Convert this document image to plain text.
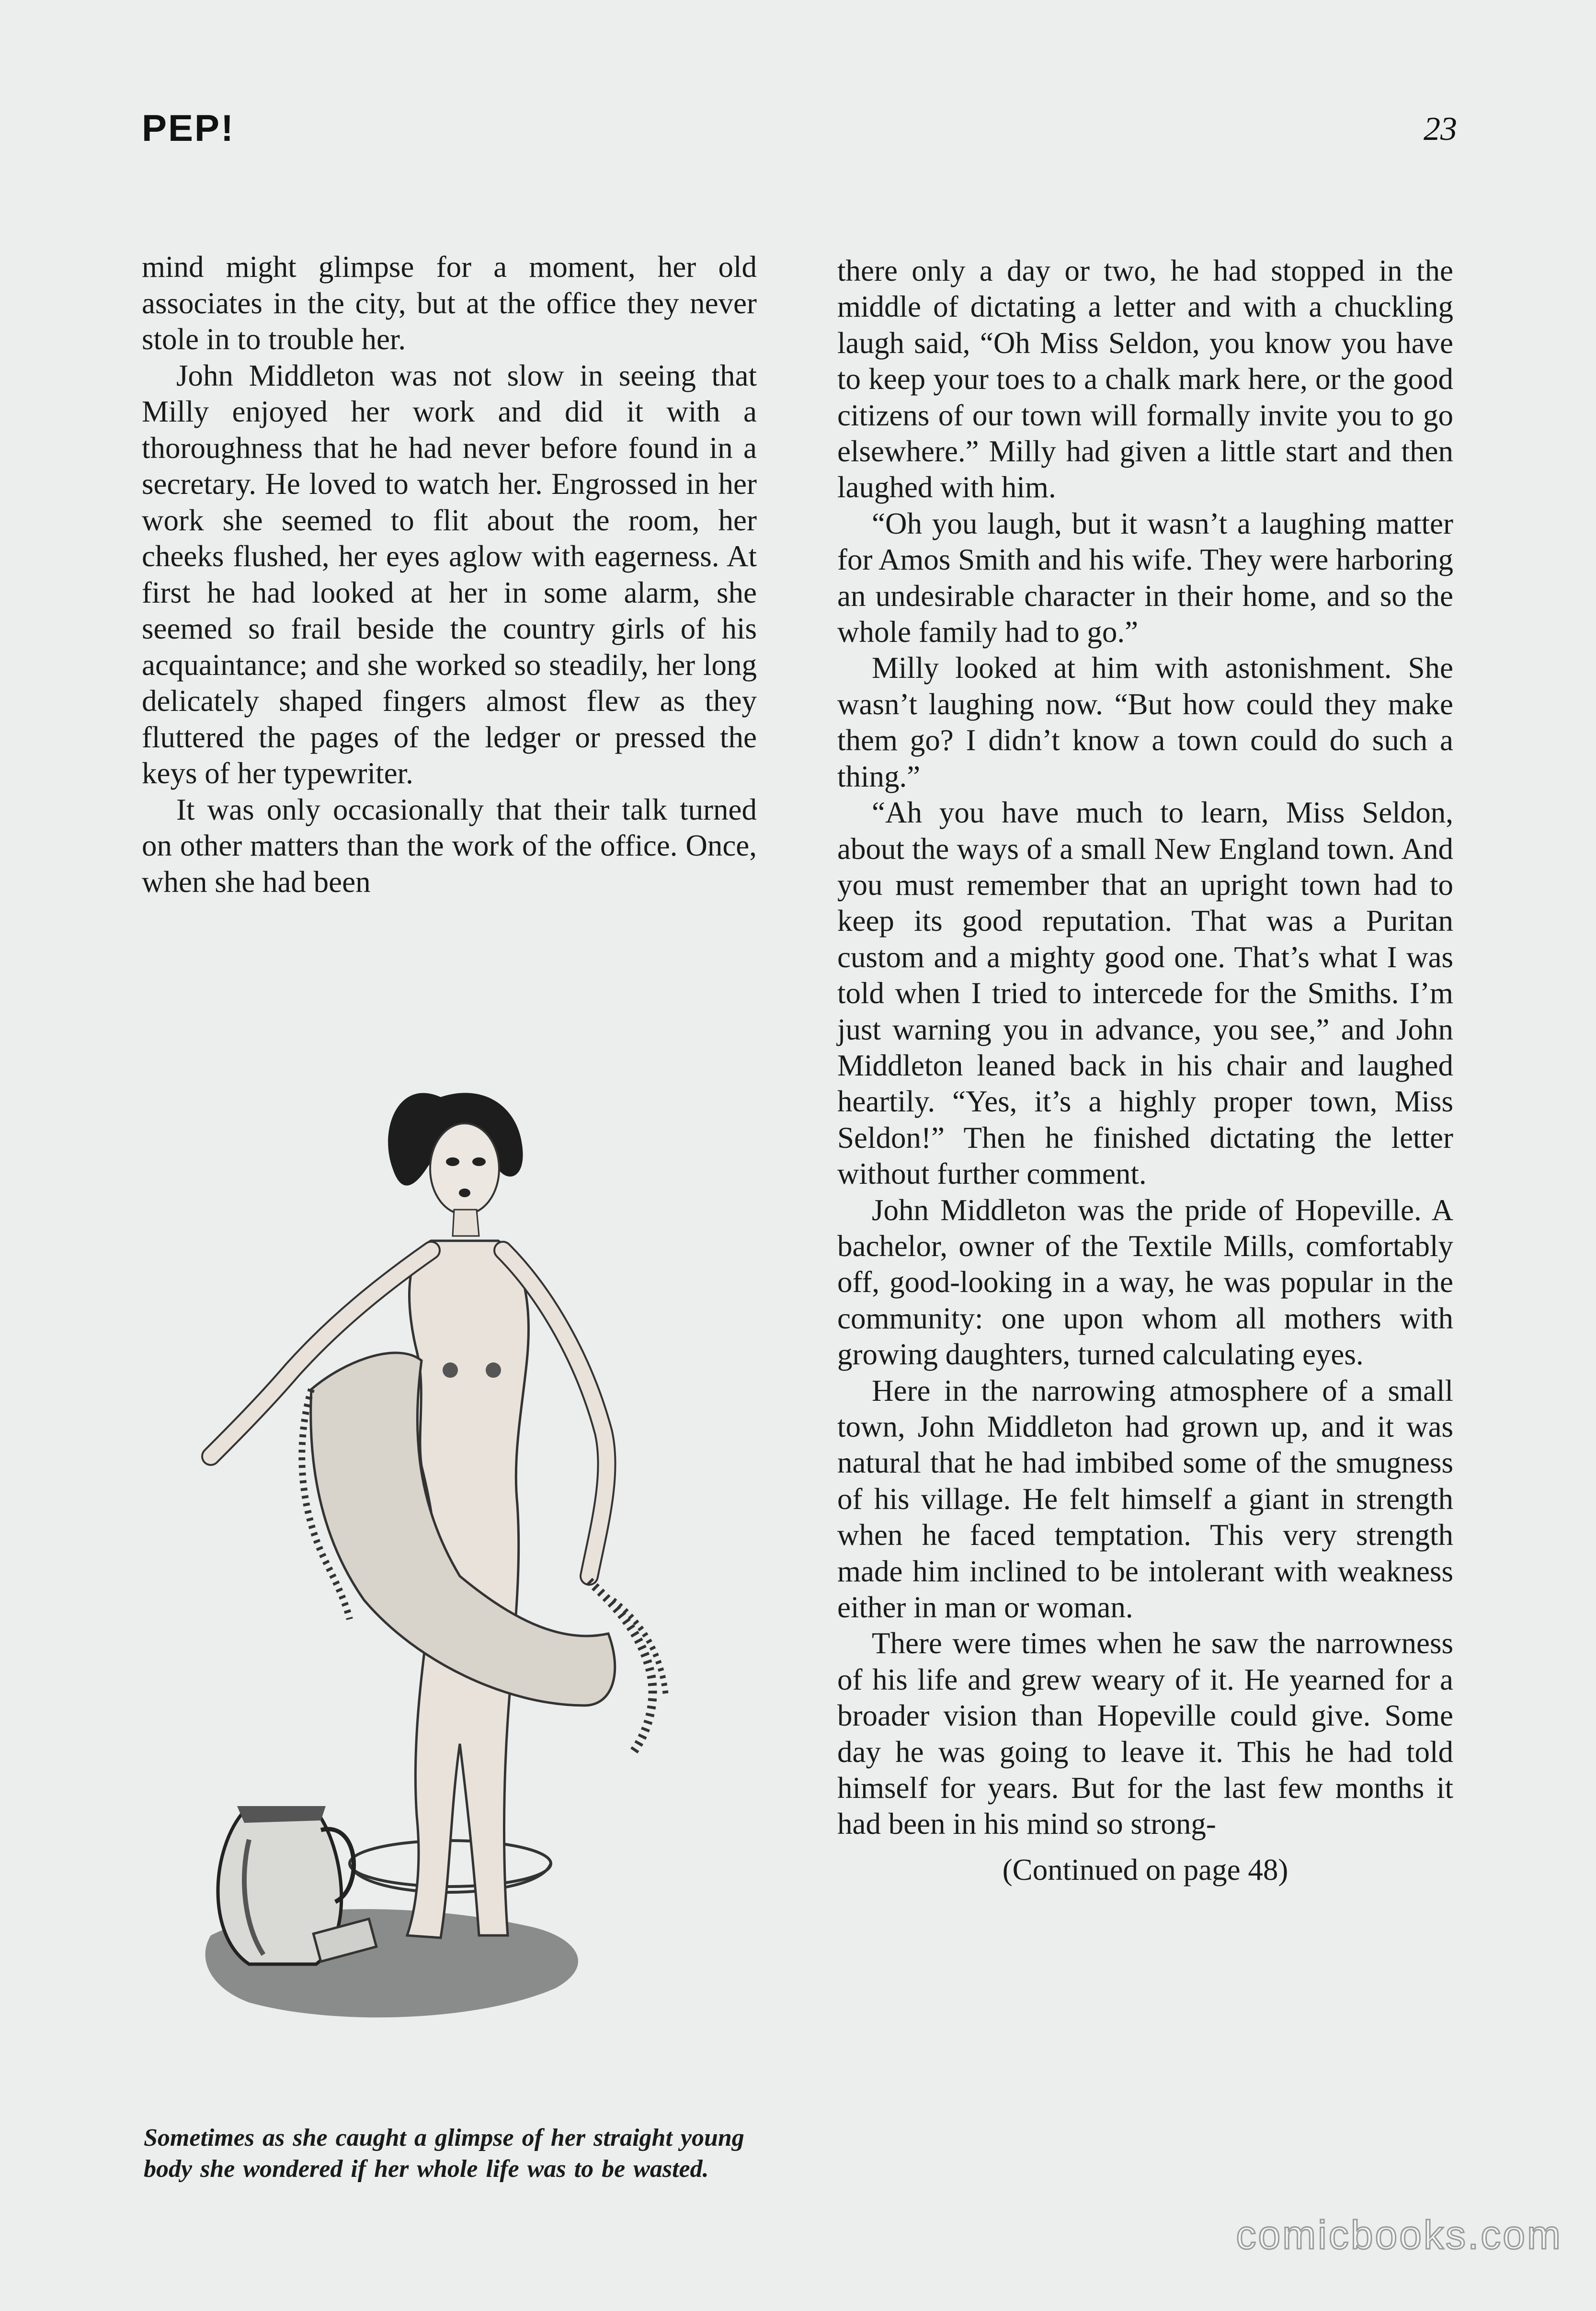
PEP!	23

mind might glimpse for a moment, her old associates in the city, but at the office they never stole in to trouble her.

John Middleton was not slow in seeing that Milly enjoyed her work and did it with a thoroughness that he had never before found in a secretary. He loved to watch her. Engrossed in her work she seemed to flit about the room, her cheeks flushed, her eyes aglow with eagerness. At first he had looked at her in some alarm, she seemed so frail beside the country girls of his acquaintance; and she worked so steadily, her long delicately shaped fingers almost flew as they fluttered the pages of the ledger or pressed the keys of her typewriter.

It was only occasionally that their talk turned on other matters than the work of the office. Once, when she had been

Sometimes as she caught a glimpse of her straight young body she wondered if her whole life was to be wasted.

there only a day or two, he had stopped in the middle of dictating a letter and with a chuckling laugh said, “Oh Miss Seldon, you know you have to keep your toes to a chalk mark here, or the good citizens of our town will formally invite you to go elsewhere.” Milly had given a little start and then laughed with him.

“Oh you laugh, but it wasn’t a laughing matter for Amos Smith and his wife. They were harboring an undesirable character in their home, and so the whole family had to go.”

Milly looked at him with astonishment. She wasn’t laughing now. “But how could they make them go? I didn’t know a town could do such a thing.”

“Ah you have much to learn, Miss Seldon, about the ways of a small New England town. And you must remember that an upright town had to keep its good reputation. That was a Puritan custom and a mighty good one. That’s what I was told when I tried to intercede for the Smiths. I’m just warning you in advance, you see,” and John Middleton leaned back in his chair and laughed heartily. “Yes, it’s a highly proper town, Miss Seldon!” Then he finished dictating the letter without further comment.

John Middleton was the pride of Hopeville. A bachelor, owner of the Textile Mills, comfortably off, good-looking in a way, he was popular in the community: one upon whom all mothers with growing daughters, turned calculating eyes.

Here in the narrowing atmosphere of a small town, John Middleton had grown up, and it was natural that he had imbibed some of the smugness of his village. He felt himself a giant in strength when he faced temptation. This very strength made him inclined to be intolerant with weakness either in man or woman.

There were times when he saw the narrowness of his life and grew weary of it. He yearned for a broader vision than Hopeville could give. Some day he was going to leave it. This he had told himself for years. But for the last few months it had been in his mind so strong-

(Continued on page 48)

comicbooks.com
